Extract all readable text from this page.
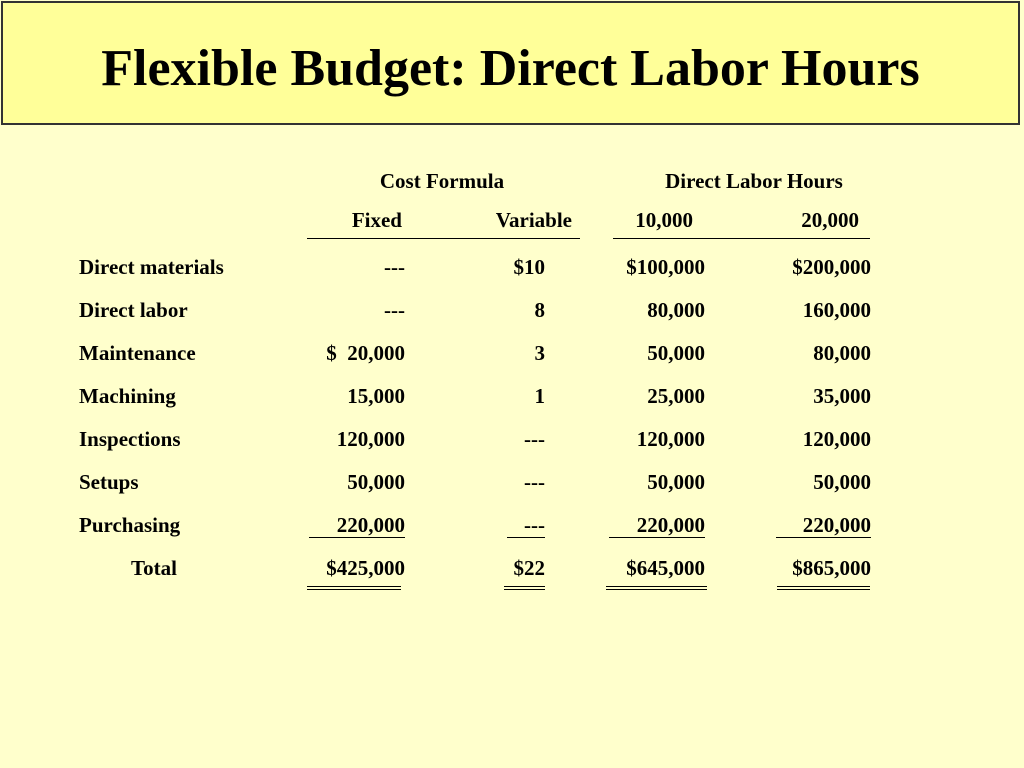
Flexible Budget: Direct Labor Hours
Cost Formula	Direct Labor Hours
Fixed	Variable	10,000	20,000
Direct materials	---	$10	$100,000	$200,000
Direct labor	---	8	80,000	160,000
Maintenance	$  20,000	3	50,000	80,000
Machining	15,000	1	25,000	35,000
Inspections	120,000	---	120,000	120,000
Setups	50,000	---	50,000	50,000
Purchasing	220,000	---	220,000	220,000
Total	$425,000	$22	$645,000	$865,000
